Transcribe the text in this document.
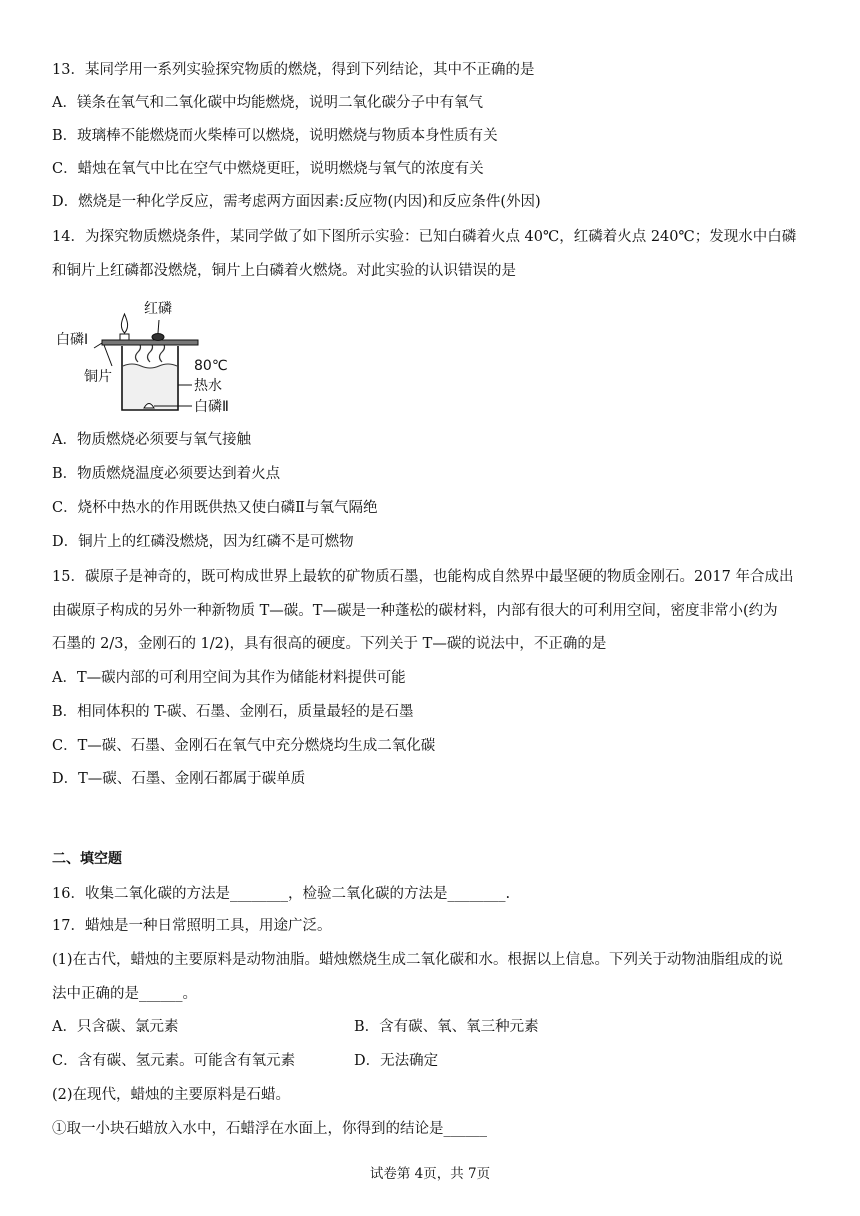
13．某同学用一系列实验探究物质的燃烧，得到下列结论，其中不正确的是
A．镁条在氧气和二氧化碳中均能燃烧，说明二氧化碳分子中有氧气
B．玻璃棒不能燃烧而火柴棒可以燃烧，说明燃烧与物质本身性质有关
C．蜡烛在氧气中比在空气中燃烧更旺，说明燃烧与氧气的浓度有关
D．燃烧是一种化学反应，需考虑两方面因素:反应物(内因)和反应条件(外因)
14．为探究物质燃烧条件，某同学做了如下图所示实验：已知白磷着火点 40℃，红磷着火点 240℃；发现水中白磷
和铜片上红磷都没燃烧，铜片上白磷着火燃烧。对此实验的认识错误的是
红磷
白磷Ⅰ
80℃
铜片
热水
白磷Ⅱ
A．物质燃烧必须要与氧气接触
B．物质燃烧温度必须要达到着火点
C．烧杯中热水的作用既供热又使白磷Ⅱ与氧气隔绝
D．铜片上的红磷没燃烧，因为红磷不是可燃物
15．碳原子是神奇的，既可构成世界上最软的矿物质石墨，也能构成自然界中最坚硬的物质金刚石。2017 年合成出
由碳原子构成的另外一种新物质 T—碳。T—碳是一种蓬松的碳材料，内部有很大的可利用空间，密度非常小(约为
石墨的 2/3，金刚石的 1/2)，具有很高的硬度。下列关于 T—碳的说法中，不正确的是
A．T—碳内部的可利用空间为其作为储能材料提供可能
B．相同体积的 T-碳、石墨、金刚石，质量最轻的是石墨
C．T—碳、石墨、金刚石在氧气中充分燃烧均生成二氧化碳
D．T—碳、石墨、金刚石都属于碳单质
二、填空题
16．收集二氧化碳的方法是________，检验二氧化碳的方法是________.
17．蜡烛是一种日常照明工具，用途广泛。
(1)在古代，蜡烛的主要原料是动物油脂。蜡烛燃烧生成二氧化碳和水。根据以上信息。下列关于动物油脂组成的说
法中正确的是______。
A．只含碳、氯元素	B．含有碳、氧、氧三种元素
C．含有碳、氢元素。可能含有氧元素	D．无法确定
(2)在现代，蜡烛的主要原料是石蜡。
①取一小块石蜡放入水中，石蜡浮在水面上，你得到的结论是______
试卷第 4页，共 7页
